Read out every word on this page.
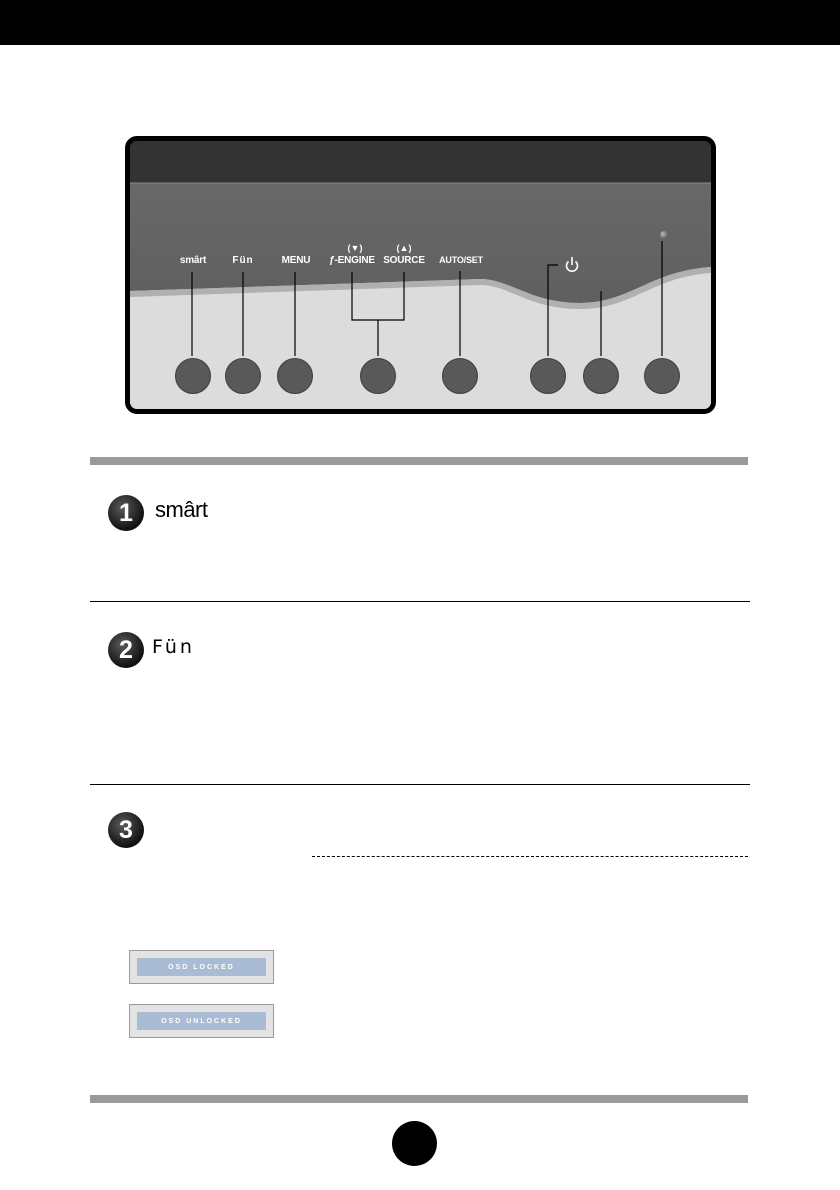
smârt	Fün	MENU
(▼)
ƒ-ENGINE
(▲)
SOURCE AUTO/SET
1	smârt
2	Fün
3
OSD LOCKED
OSD UNLOCKED
